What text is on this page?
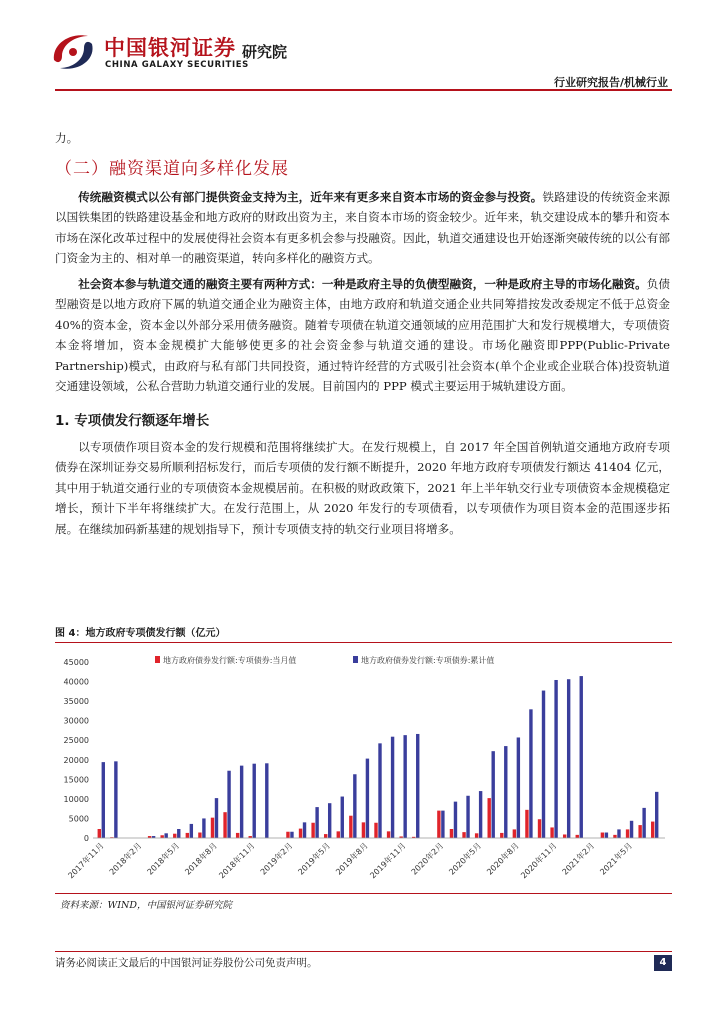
中国银河证券
CHINA GALAXY SECURITIES
研究院
行业研究报告/机械行业

力。

（二）融资渠道向多样化发展

传统融资模式以公有部门提供资金支持为主，近年来有更多来自资本市场的资金参与投资。铁路建设的传统资金来源以国铁集团的铁路建设基金和地方政府的财政出资为主，来自资本市场的资金较少。近年来，轨交建设成本的攀升和资本市场在深化改革过程中的发展使得社会资本有更多机会参与投融资。因此，轨道交通建设也开始逐渐突破传统的以公有部门资金为主的、相对单一的融资渠道，转向多样化的融资方式。

社会资本参与轨道交通的融资主要有两种方式：一种是政府主导的负债型融资，一种是政府主导的市场化融资。负债型融资是以地方政府下属的轨道交通企业为融资主体，由地方政府和轨道交通企业共同筹措按发改委规定不低于总资金 40%的资本金，资本金以外部分采用债务融资。随着专项债在轨道交通领域的应用范围扩大和发行规模增大，专项债资本金将增加，资本金规模扩大能够使更多的社会资金参与轨道交通的建设。市场化融资即PPP(Public-Private Partnership)模式，由政府与私有部门共同投资，通过特许经营的方式吸引社会资本(单个企业或企业联合体)投资轨道交通建设领域，公私合营助力轨道交通行业的发展。目前国内的 PPP 模式主要运用于城轨建设方面。

1. 专项债发行额逐年增长

以专项债作项目资本金的发行规模和范围将继续扩大。在发行规模上，自 2017 年全国首例轨道交通地方政府专项债券在深圳证券交易所顺利招标发行，而后专项债的发行额不断提升，2020 年地方政府专项债发行额达 41404 亿元，其中用于轨道交通行业的专项债资本金规模居前。在积极的财政政策下，2021 年上半年轨交行业专项债资本金规模稳定增长，预计下半年将继续扩大。在发行范围上，从 2020 年发行的专项债看，以专项债作为项目资本金的范围逐步拓展。在继续加码新基建的规划指导下，预计专项债支持的轨交行业项目将增多。

图 4：地方政府专项债发行额（亿元）
地方政府债券发行额:专项债券:当月值	地方政府债券发行额:专项债券:累计值
0
5000
10000
15000
20000
25000
30000
35000
40000
45000
2017年11月 2018年2月 2018年5月 2018年8月
2018年11月 2019年2月 2019年5月 2019年8月
2019年11月 2020年2月 2020年5月 2020年8月
2020年11月 2021年2月 2021年5月
资料来源：WIND，中国银河证券研究院
请务必阅读正文最后的中国银河证券股份公司免责声明。	4
